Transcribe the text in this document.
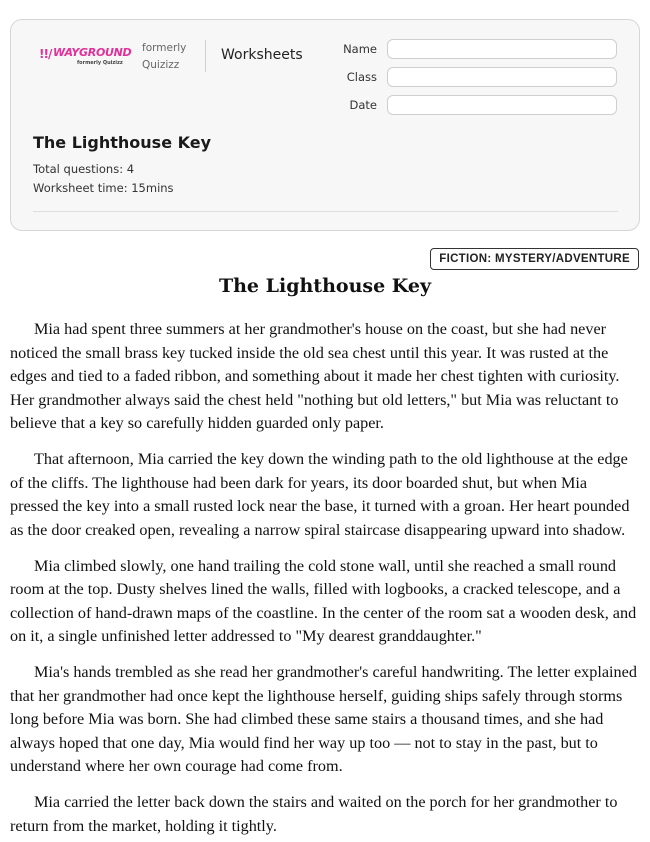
!!/ WAYGROUND
formerly Quizizz
formerly Quizizz
Worksheets	Name
Class
Date
The Lighthouse Key
Total questions: 4
Worksheet time: 15mins
FICTION: MYSTERY/ADVENTURE
The Lighthouse Key

Mia had spent three summers at her grandmother's house on the coast, but she had never noticed the small brass key tucked inside the old sea chest until this year. It was rusted at the edges and tied to a faded ribbon, and something about it made her chest tighten with curiosity. Her grandmother always said the chest held "nothing but old letters," but Mia was reluctant to believe that a key so carefully hidden guarded only paper.

That afternoon, Mia carried the key down the winding path to the old lighthouse at the edge of the cliffs. The lighthouse had been dark for years, its door boarded shut, but when Mia pressed the key into a small rusted lock near the base, it turned with a groan. Her heart pounded as the door creaked open, revealing a narrow spiral staircase disappearing upward into shadow.

Mia climbed slowly, one hand trailing the cold stone wall, until she reached a small round room at the top. Dusty shelves lined the walls, filled with logbooks, a cracked telescope, and a collection of hand-drawn maps of the coastline. In the center of the room sat a wooden desk, and on it, a single unfinished letter addressed to "My dearest granddaughter."

Mia's hands trembled as she read her grandmother's careful handwriting. The letter explained that her grandmother had once kept the lighthouse herself, guiding ships safely through storms long before Mia was born. She had climbed these same stairs a thousand times, and she had always hoped that one day, Mia would find her way up too — not to stay in the past, but to understand where her own courage had come from.

Mia carried the letter back down the stairs and waited on the porch for her grandmother to return from the market, holding it tightly.
